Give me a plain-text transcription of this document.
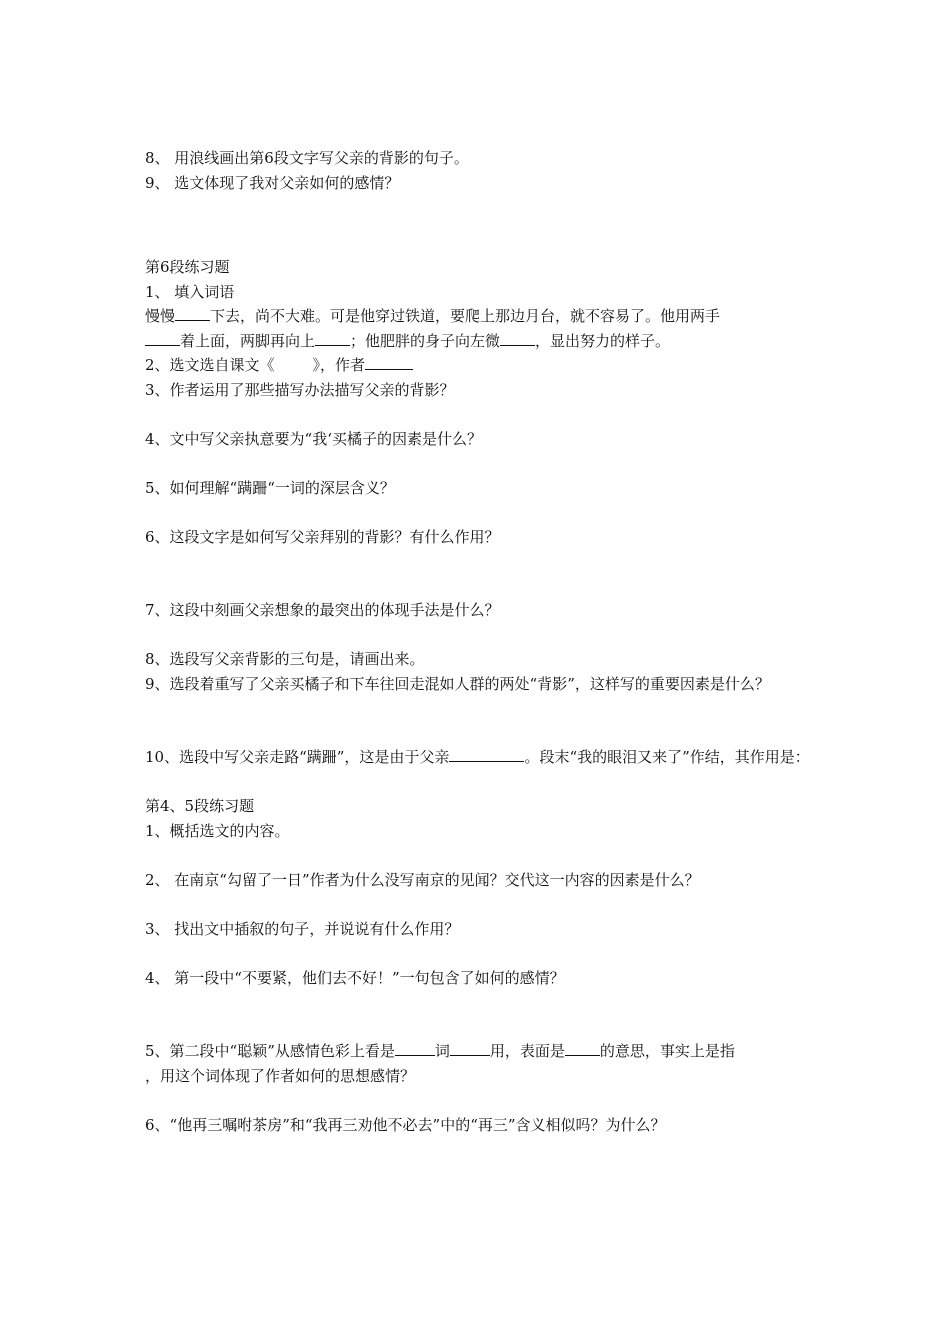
8、 用浪线画出第6段文字写父亲的背影的句子。
9、 选文体现了我对父亲如何的感情？
第6段练习题
1、 填入词语
慢慢 下去，尚不大难。可是他穿过铁道，要爬上那边月台，就不容易了。他用两手
着上面，两脚再向上 ；他肥胖的身子向左微 ，显出努力的样子。
2、选文选自课文《	》，作者
3、作者运用了那些描写办法描写父亲的背影？
4、文中写父亲执意要为“我‘买橘子的因素是什么？
5、如何理解“蹒跚“一词的深层含义？
6、这段文字是如何写父亲拜别的背影？有什么作用？
7、这段中刻画父亲想象的最突出的体现手法是什么？
8、选段写父亲背影的三句是，请画出来。
9、选段着重写了父亲买橘子和下车往回走混如人群的两处“背影”，这样写的重要因素是什么？
10、选段中写父亲走路“蹒跚”，这是由于父亲	。段末“我的眼泪又来了”作结，其作用是：
第4、5段练习题
1、概括选文的内容。
2、 在南京“勾留了一日”作者为什么没写南京的见闻？交代这一内容的因素是什么？
3、 找出文中插叙的句子，并说说有什么作用？
4、 第一段中“不要紧，他们去不好！”一句包含了如何的感情？
5、第二段中“聪颖”从感情色彩上看是	词	用，表面是 的意思，事实上是指
，用这个词体现了作者如何的思想感情？
6、“他再三嘱咐茶房”和“我再三劝他不必去”中的“再三”含义相似吗？为什么？
